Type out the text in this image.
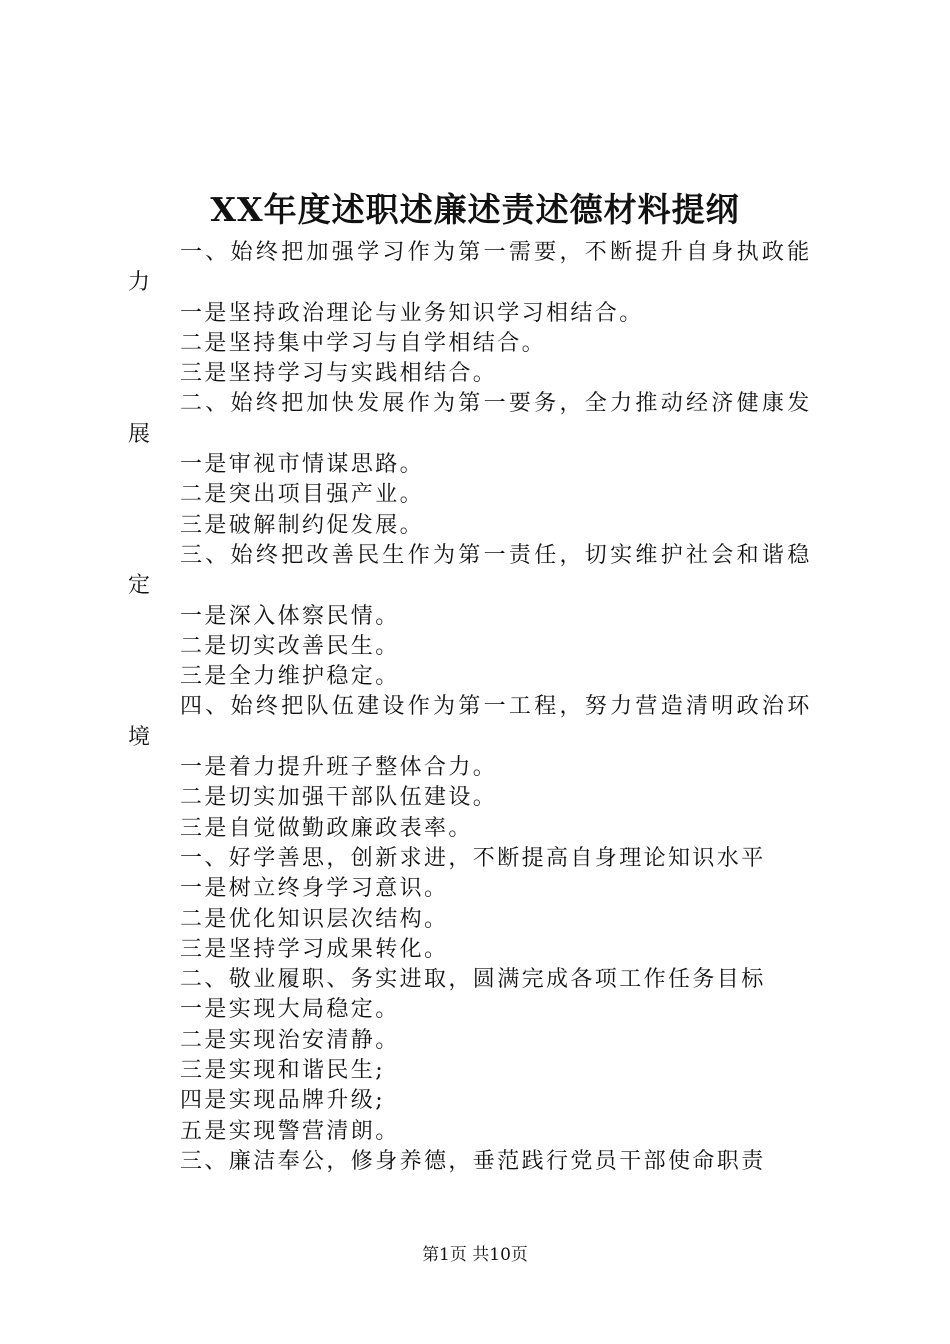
XX年度述职述廉述责述德材料提纲
一、始终把加强学习作为第一需要，不断提升自身执政能力
一是坚持政治理论与业务知识学习相结合。
二是坚持集中学习与自学相结合。
三是坚持学习与实践相结合。
二、始终把加快发展作为第一要务，全力推动经济健康发展
一是审视市情谋思路。
二是突出项目强产业。
三是破解制约促发展。
三、始终把改善民生作为第一责任，切实维护社会和谐稳定
一是深入体察民情。
二是切实改善民生。
三是全力维护稳定。
四、始终把队伍建设作为第一工程，努力营造清明政治环境
一是着力提升班子整体合力。
二是切实加强干部队伍建设。
三是自觉做勤政廉政表率。
一、好学善思，创新求进，不断提高自身理论知识水平
一是树立终身学习意识。
二是优化知识层次结构。
三是坚持学习成果转化。
二、敬业履职、务实进取，圆满完成各项工作任务目标
一是实现大局稳定。
二是实现治安清静。
三是实现和谐民生;
四是实现品牌升级;
五是实现警营清朗。
三、廉洁奉公，修身养德，垂范践行党员干部使命职责
第1页 共10页
